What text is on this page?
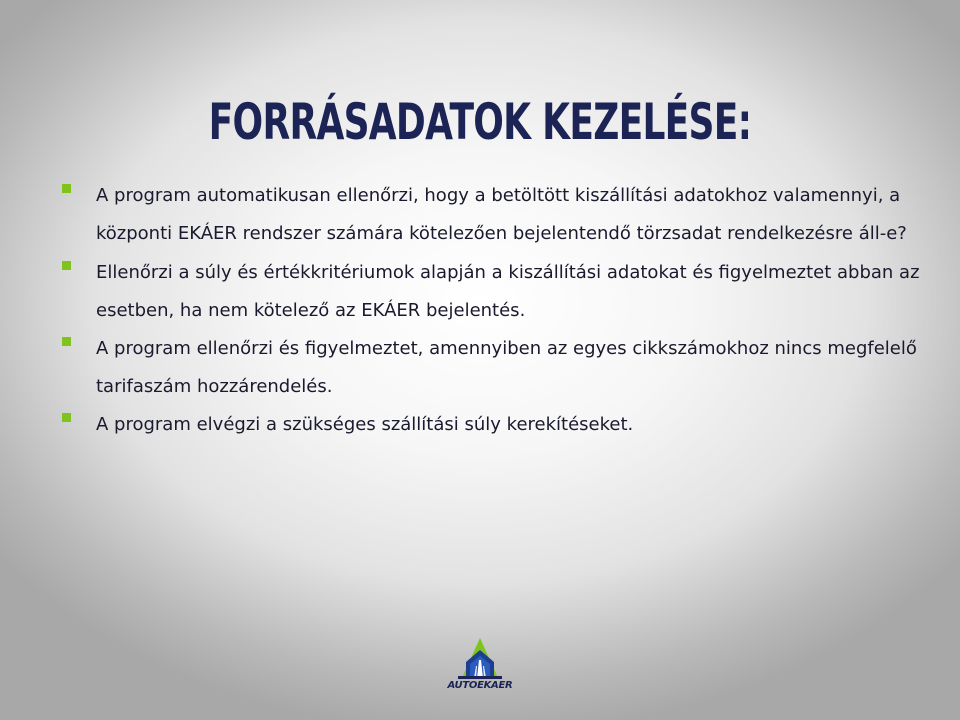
FORRÁSADATOK KEZELÉSE:
A program automatikusan ellenőrzi, hogy a betöltött kiszállítási adatokhoz valamennyi, a központi EKÁER rendszer számára kötelezően bejelentendő törzsadat rendelkezésre áll-e?
Ellenőrzi a súly és értékkritériumok alapján a kiszállítási adatokat és figyelmeztet abban az esetben, ha nem kötelező az EKÁER bejelentés.
A program ellenőrzi és figyelmeztet, amennyiben az egyes cikkszámokhoz nincs megfelelő tarifaszám hozzárendelés.
A program elvégzi a szükséges szállítási súly kerekítéseket.
AUTOEKAER
